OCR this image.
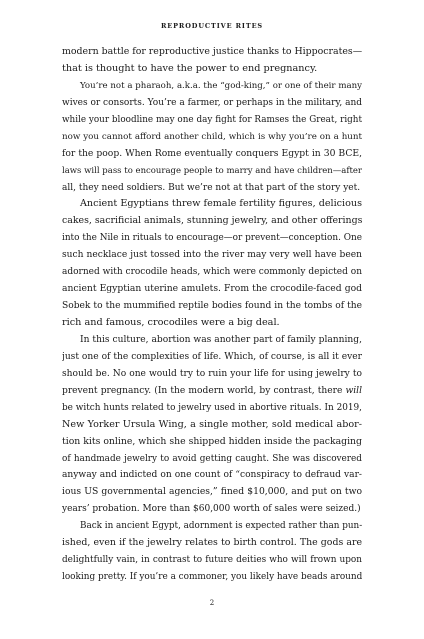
REPRODUCTIVE RITES
modern battle for reproductive justice thanks to Hippocrates—
that is thought to have the power to end pregnancy.
You’re not a pharaoh, a.k.a. the “god-king,” or one of their many
wives or consorts. You’re a farmer, or perhaps in the military, and
while your bloodline may one day fight for Ramses the Great, right
now you cannot afford another child, which is why you’re on a hunt
for the poop. When Rome eventually conquers Egypt in 30 BCE,
laws will pass to encourage people to marry and have children—after
all, they need soldiers. But we’re not at that part of the story yet.
Ancient Egyptians threw female fertility figures, delicious
cakes, sacrificial animals, stunning jewelry, and other offerings
into the Nile in rituals to encourage—or prevent—conception. One
such necklace just tossed into the river may very well have been
adorned with crocodile heads, which were commonly depicted on
ancient Egyptian uterine amulets. From the crocodile-faced god
Sobek to the mummified reptile bodies found in the tombs of the
rich and famous, crocodiles were a big deal.
In this culture, abortion was another part of family planning,
just one of the complexities of life. Which, of course, is all it ever
should be. No one would try to ruin your life for using jewelry to
prevent pregnancy. (In the modern world, by contrast, there will
be witch hunts related to jewelry used in abortive rituals. In 2019,
New Yorker Ursula Wing, a single mother, sold medical abor-
tion kits online, which she shipped hidden inside the packaging
of handmade jewelry to avoid getting caught. She was discovered
anyway and indicted on one count of “conspiracy to defraud var-
ious US governmental agencies,” fined $10,000, and put on two
years’ probation. More than $60,000 worth of sales were seized.)
Back in ancient Egypt, adornment is expected rather than pun-
ished, even if the jewelry relates to birth control. The gods are
delightfully vain, in contrast to future deities who will frown upon
looking pretty. If you’re a commoner, you likely have beads around
2
